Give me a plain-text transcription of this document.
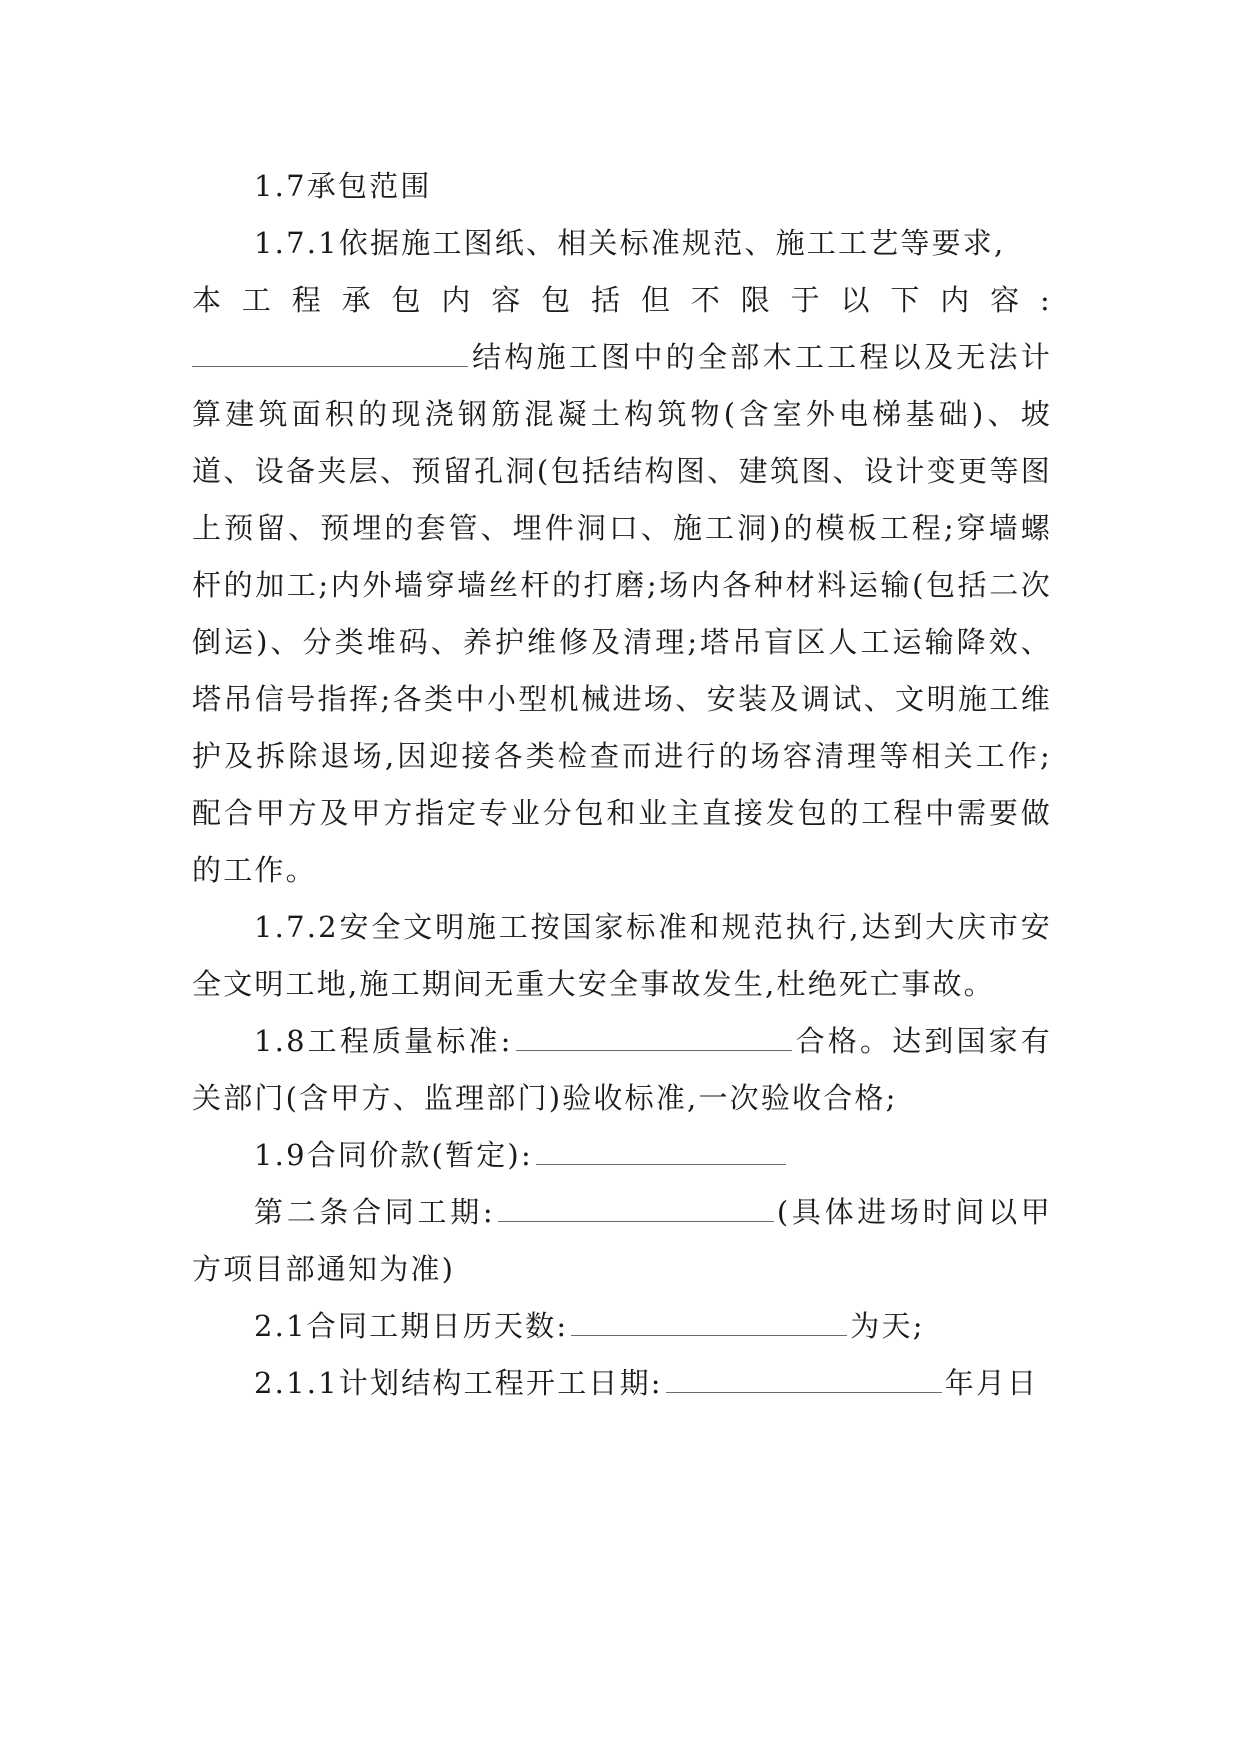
1.7承包范围

1.7.1依据施工图纸、相关标准规范、施工工艺等要求,

本工程承包内容包括但不限于以下内容:

结构施工图中的全部木工工程以及无法计算建筑面积的现浇钢筋混凝土构筑物(含室外电梯基础)、坡道、设备夹层、预留孔洞(包括结构图、建筑图、设计变更等图上预留、预埋的套管、埋件洞口、施工洞)的模板工程;穿墙螺杆的加工;内外墙穿墙丝杆的打磨;场内各种材料运输(包括二次倒运)、分类堆码、养护维修及清理;塔吊盲区人工运输降效、塔吊信号指挥;各类中小型机械进场、安装及调试、文明施工维护及拆除退场,因迎接各类检查而进行的场容清理等相关工作;配合甲方及甲方指定专业分包和业主直接发包的工程中需要做的工作。

1.7.2安全文明施工按国家标准和规范执行,达到大庆市安全文明工地,施工期间无重大安全事故发生,杜绝死亡事故。

1.8工程质量标准:	合格。达到国家有关部门(含甲方、监理部门)验收标准,一次验收合格;

1.9合同价款(暂定):

第二条合同工期:	(具体进场时间以甲方项目部通知为准)

2.1合同工期日历天数:	为天;

2.1.1计划结构工程开工日期:	年月日
